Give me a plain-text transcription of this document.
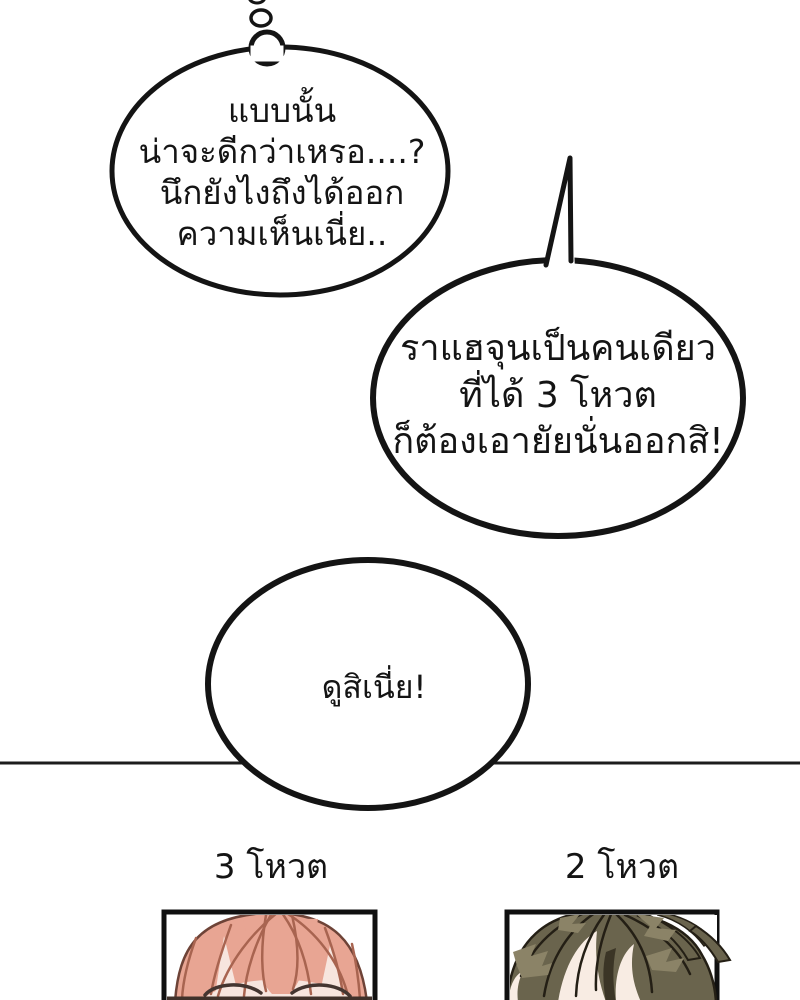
แบบนั้น
น่าจะดีกว่าเหรอ....?
นึกยังไงถึงได้ออก
ความเห็นเนี่ย..
ราแฮจุนเป็นคนเดียว
ที่ได้ 3 โหวต
ก็ต้องเอายัยนั่นออกสิ!
ดูสิเนี่ย!
3 โหวต	2 โหวต
